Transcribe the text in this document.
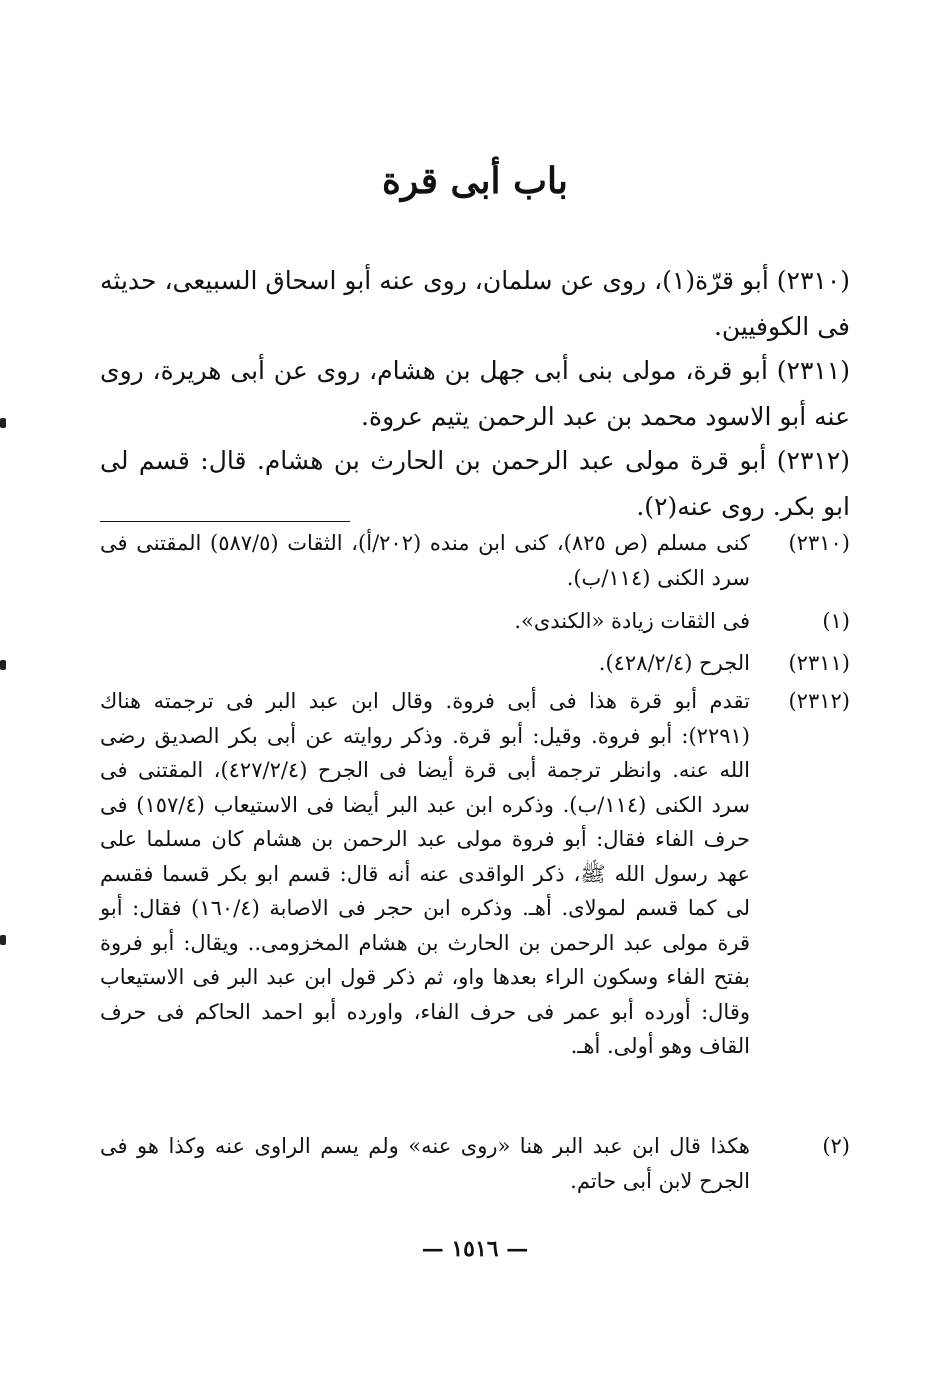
باب أبى قرة
(٢٣١٠) أبو قرّة(١)، روى عن سلمان، روى عنه أبو اسحاق السبيعى، حديثه فى الكوفيين.
(٢٣١١) أبو قرة، مولى بنى أبى جهل بن هشام، روى عن أبى هريرة، روى عنه أبو الاسود محمد بن عبد الرحمن يتيم عروة.
(٢٣١٢) أبو قرة مولى عبد الرحمن بن الحارث بن هشام. قال: قسم لى ابو بكر. روى عنه(٢).
(٢٣١٠)
كنى مسلم (ص ٨٢٥)، كنى ابن منده (٢٠٢/أ)، الثقات (٥٨٧/٥) المقتنى فى سرد الكنى (١١٤/ب).
(١)
فى الثقات زيادة «الكندى».
(٢٣١١)
الجرح (٤٢٨/٢/٤).
(٢٣١٢)
تقدم أبو قرة هذا فى أبى فروة. وقال ابن عبد البر فى ترجمته هناك (٢٢٩١): أبو فروة. وقيل: أبو قرة. وذكر روايته عن أبى بكر الصديق رضى الله عنه. وانظر ترجمة أبى قرة أيضا فى الجرح (٤٢٧/٢/٤)، المقتنى فى سرد الكنى (١١٤/ب). وذكره ابن عبد البر أيضا فى الاستيعاب (١٥٧/٤) فى حرف الفاء فقال: أبو فروة مولى عبد الرحمن بن هشام كان مسلما على عهد رسول الله ﷺ، ذكر الواقدى عنه أنه قال: قسم ابو بكر قسما فقسم لى كما قسم لمولاى. أهـ. وذكره ابن حجر فى الاصابة (١٦٠/٤) فقال: أبو قرة مولى عبد الرحمن بن الحارث بن هشام المخزومى.. ويقال: أبو فروة بفتح الفاء وسكون الراء بعدها واو، ثم ذكر قول ابن عبد البر فى الاستيعاب وقال: أورده أبو عمر فى حرف الفاء، واورده أبو احمد الحاكم فى حرف القاف وهو أولى. أهـ.
(٢)
هكذا قال ابن عبد البر هنا «روى عنه» ولم يسم الراوى عنه وكذا هو فى الجرح لابن أبى حاتم.
— ١٥١٦ —
